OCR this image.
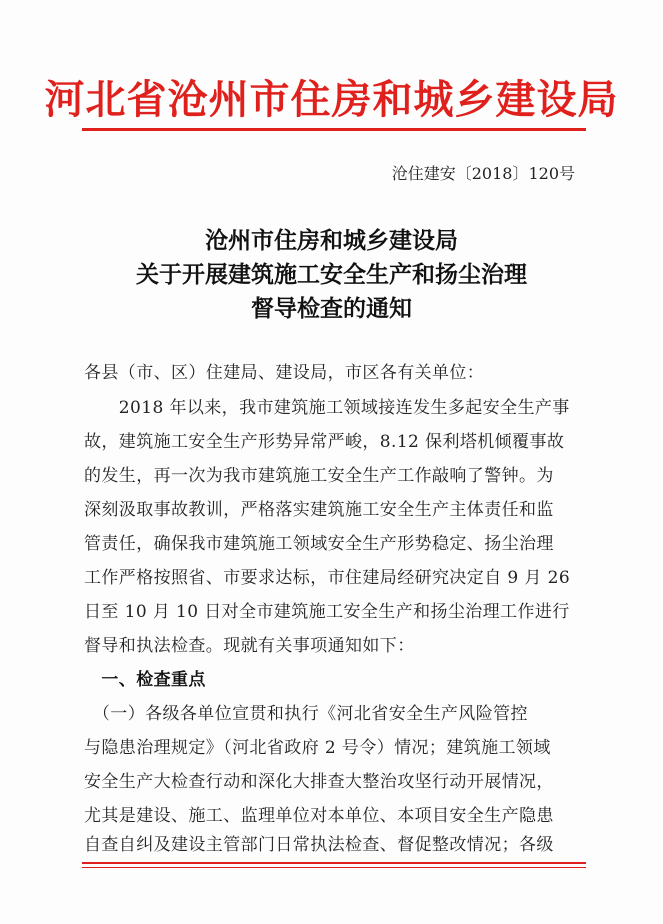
河北省沧州市住房和城乡建设局
沧住建安〔2018〕120号
沧州市住房和城乡建设局
关于开展建筑施工安全生产和扬尘治理
督导检查的通知
各县（市、区）住建局、建设局，市区各有关单位：
　　2018 年以来，我市建筑施工领域接连发生多起安全生产事
故，建筑施工安全生产形势异常严峻，8.12 保利塔机倾覆事故
的发生，再一次为我市建筑施工安全生产工作敲响了警钟。为
深刻汲取事故教训，严格落实建筑施工安全生产主体责任和监
管责任，确保我市建筑施工领域安全生产形势稳定、扬尘治理
工作严格按照省、市要求达标，市住建局经研究决定自 9 月 26
日至 10 月 10 日对全市建筑施工安全生产和扬尘治理工作进行
督导和执法检查。现就有关事项通知如下：
　一、检查重点
　（一）各级各单位宣贯和执行《河北省安全生产风险管控
与隐患治理规定》（河北省政府 2 号令）情况；建筑施工领域
安全生产大检查行动和深化大排查大整治攻坚行动开展情况，
尤其是建设、施工、监理单位对本单位、本项目安全生产隐患
自查自纠及建设主管部门日常执法检查、督促整改情况；各级
